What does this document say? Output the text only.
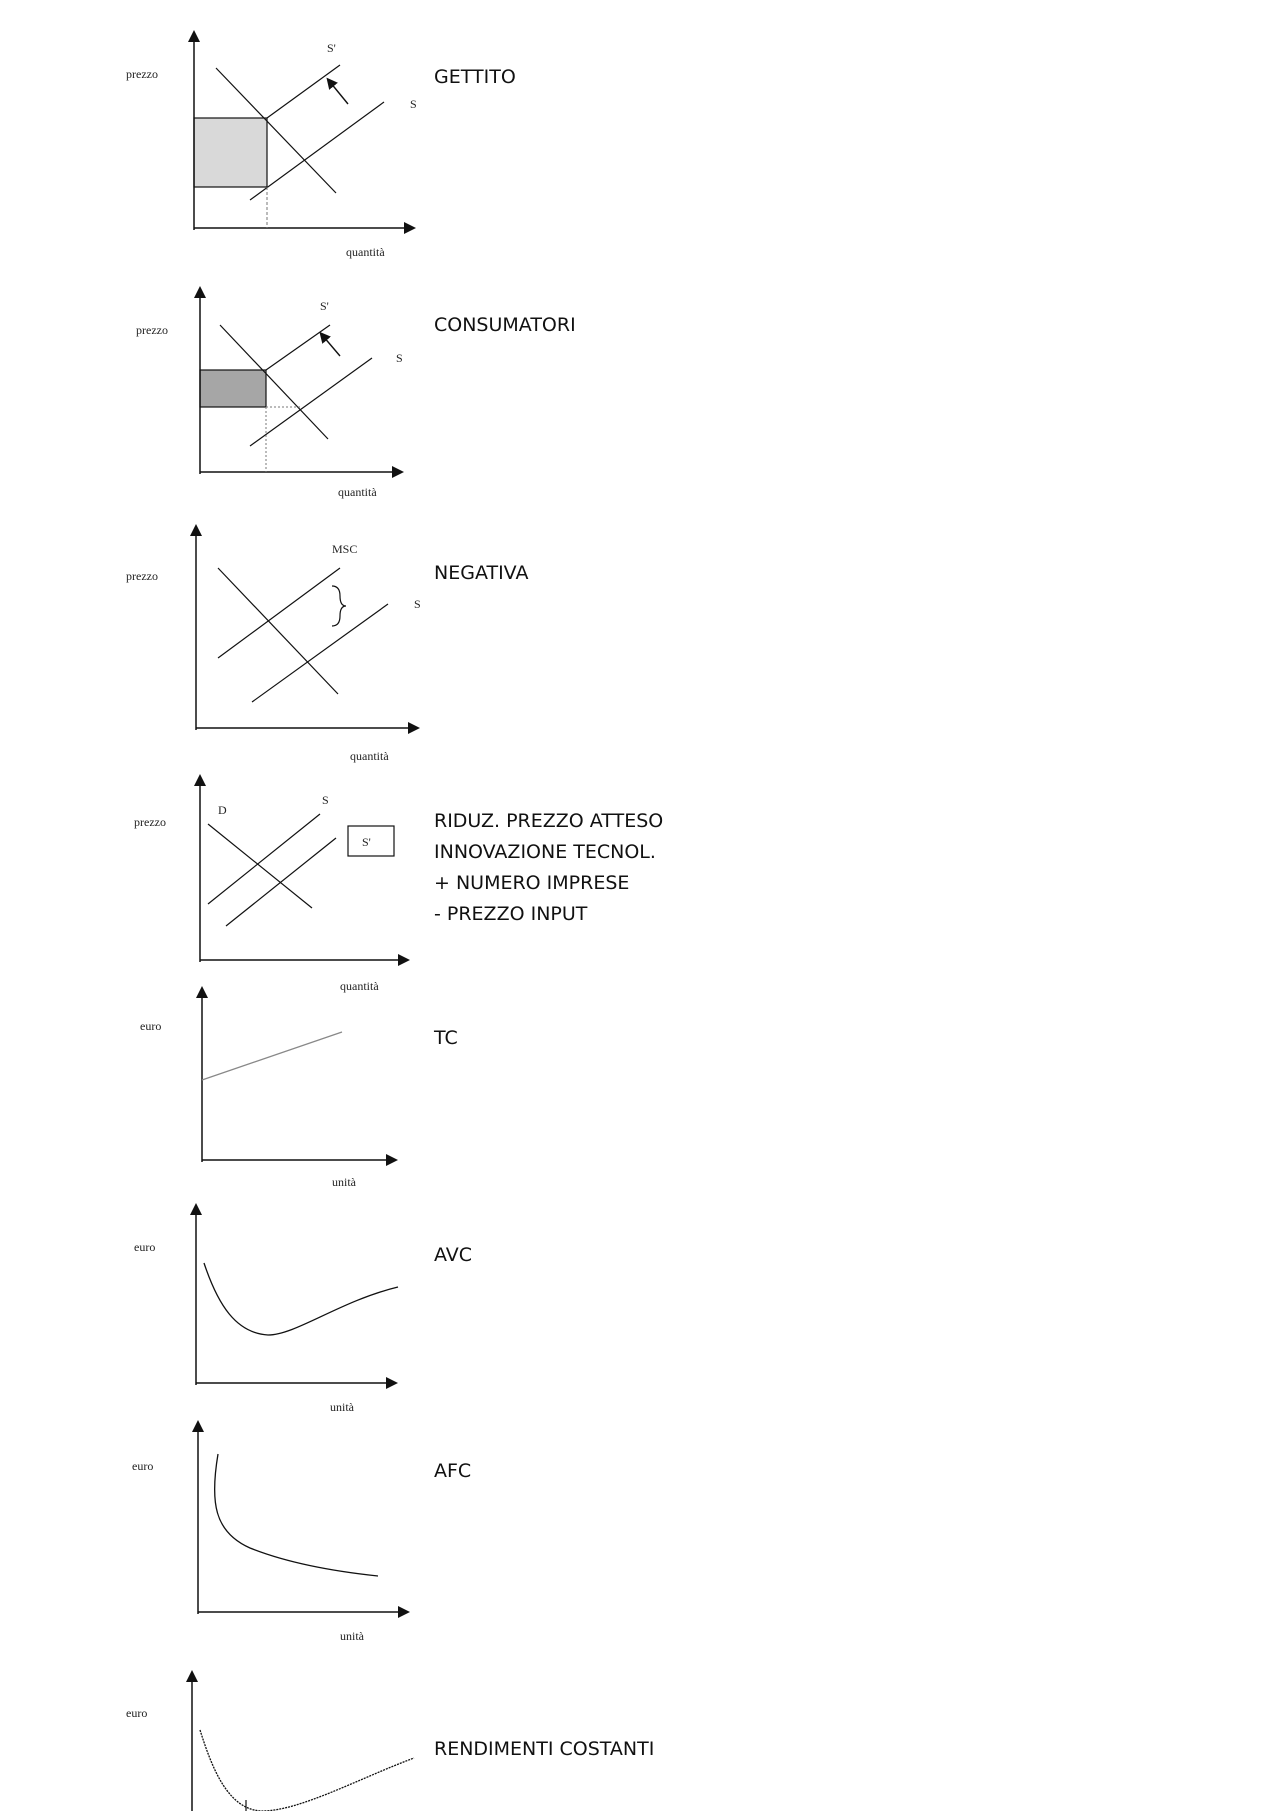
prezzo
quantità
S'
S
GETTITO
prezzo
quantità
S'
S
CONSUMATORI
prezzo
quantità
MSC
S
NEGATIVA
prezzo
quantità
D
S
S'
RIDUZ. PREZZO ATTESO
INNOVAZIONE TECNOL.
+ NUMERO IMPRESE
- PREZZO INPUT
euro
unità
TC
euro
unità
AVC
euro
unità
AFC
euro
RENDIMENTI COSTANTI
